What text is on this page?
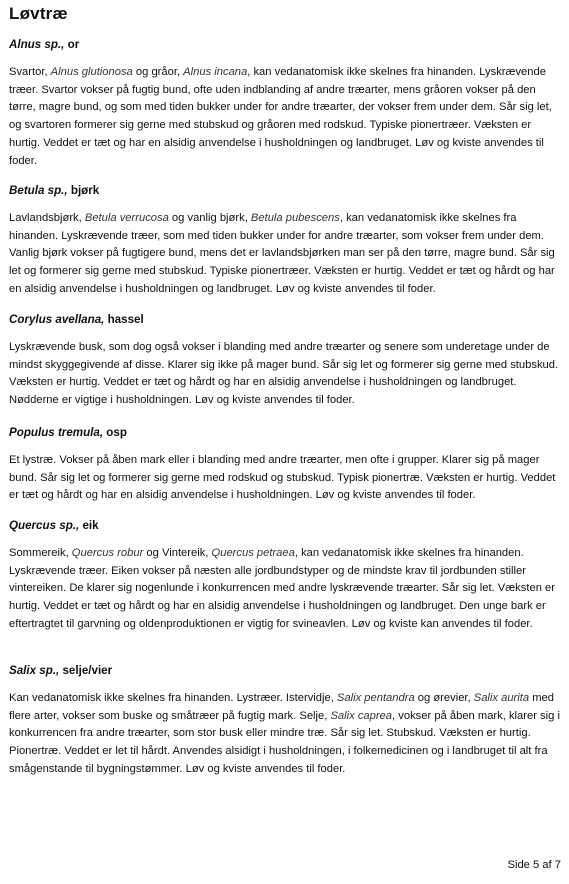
Løvtræ
Alnus sp., or
Svartor, Alnus glutionosa og gråor, Alnus incana, kan vedanatomisk ikke skelnes fra hinanden. Lyskrævende træer. Svartor vokser på fugtig bund, ofte uden indblanding af andre træarter, mens gråoren vokser på den tørre, magre bund, og som med tiden bukker under for andre træarter, der vokser frem under dem. Sår sig let, og svartoren formerer sig gerne med stubskud og gråoren med rodskud. Typiske pionertræer. Væksten er hurtig. Veddet er tæt og har en alsidig anvendelse i husholdningen og landbruget. Løv og kviste anvendes til foder.
Betula sp., bjørk
Lavlandsbjørk, Betula verrucosa og vanlig bjørk, Betula pubescens, kan vedanatomisk ikke skelnes fra hinanden. Lyskrævende træer, som med tiden bukker under for andre træarter, som vokser frem under dem. Vanlig bjørk vokser på fugtigere bund, mens det er lavlandsbjørken man ser på den tørre, magre bund. Sår sig let og formerer sig gerne med stubskud. Typiske pionertræer. Væksten er hurtig. Veddet er tæt og hårdt og har en alsidig anvendelse i husholdningen og landbruget. Løv og kviste anvendes til foder.
Corylus avellana, hassel
Lyskrævende busk, som dog også vokser i blanding med andre træarter og senere som underetage under de mindst skyggegivende af disse. Klarer sig ikke på mager bund. Sår sig let og formerer sig gerne med stubskud. Væksten er hurtig. Veddet er tæt og hårdt og har en alsidig anvendelse i husholdningen og landbruget. Nødderne er vigtige i husholdningen. Løv og kviste anvendes til foder.
Populus tremula, osp
Et lystræ. Vokser på åben mark eller i blanding med andre træarter, men ofte i grupper. Klarer sig på mager bund. Sår sig let og formerer sig gerne med rodskud og stubskud. Typisk pionertræ. Væksten er hurtig. Veddet er tæt og hårdt og har en alsidig anvendelse i husholdningen. Løv og kviste anvendes til foder.
Quercus sp., eik
Sommereik, Quercus robur og Vintereik, Quercus petraea, kan vedanatomisk ikke skelnes fra hinanden. Lyskrævende træer. Eiken vokser på næsten alle jordbundstyper og de mindste krav til jordbunden stiller vintereiken. De klarer sig nogenlunde i konkurrencen med andre lyskrævende træarter. Sår sig let. Væksten er hurtig. Veddet er tæt og hårdt og har en alsidig anvendelse i husholdningen og landbruget. Den unge bark er eftertragtet til garvning og oldenproduktionen er vigtig for svineavlen. Løv og kviste kan anvendes til foder.
Salix sp., selje/vier
Kan vedanatomisk ikke skelnes fra hinanden. Lystræer. Istervidje, Salix pentandra og ørevier, Salix aurita med flere arter, vokser som buske og småtræer på fugtig mark. Selje, Salix caprea, vokser på åben mark, klarer sig i konkurrencen fra andre træarter, som stor busk eller mindre træ. Sår sig let. Stubskud. Væksten er hurtig. Pionertræ. Veddet er let til hårdt. Anvendes alsidigt i husholdningen, i folkemedicinen og i landbruget til alt fra smågenstande til bygningstømmer. Løv og kviste anvendes til foder.
Side 5 af 7
